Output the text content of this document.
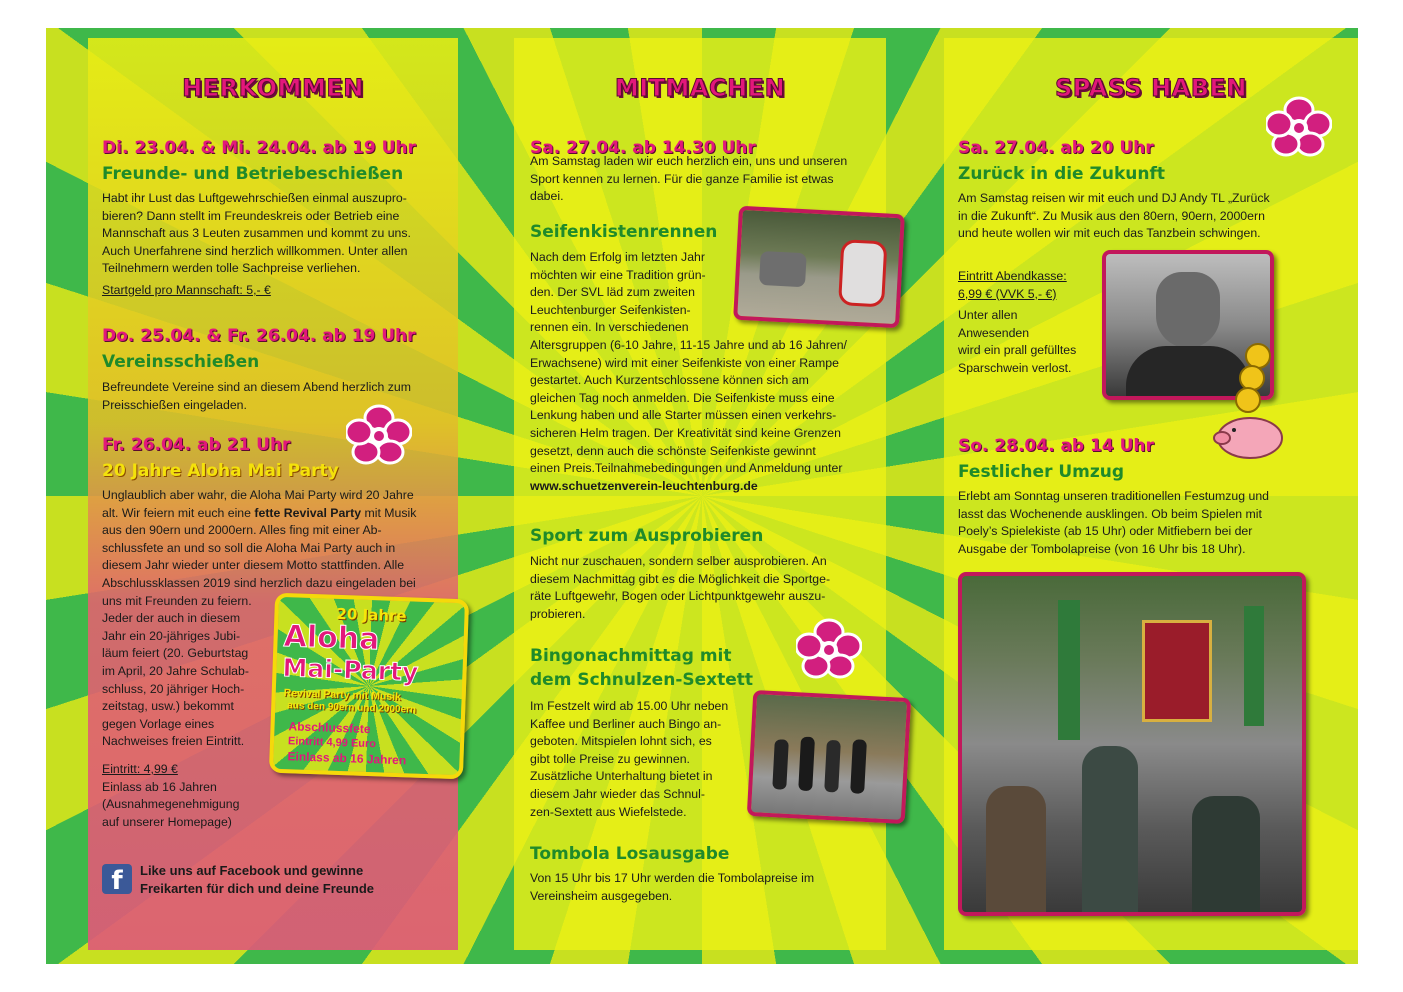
HERKOMMEN
Di. 23.04. & Mi. 24.04. ab 19 Uhr
Freunde- und Betriebeschießen
Habt ihr Lust das Luftgewehrschießen einmal auszupro-
bieren? Dann stellt im Freundeskreis oder Betrieb eine
Mannschaft aus 3 Leuten zusammen und kommt zu uns.
Auch Unerfahrene sind herzlich willkommen. Unter allen
Teilnehmern werden tolle Sachpreise verliehen.
Startgeld pro Mannschaft: 5,- €
Do. 25.04. & Fr. 26.04. ab 19 Uhr
Vereinsschießen
Befreundete Vereine sind an diesem Abend herzlich zum
Preisschießen eingeladen.
Fr. 26.04. ab 21 Uhr
20 Jahre Aloha Mai Party
Unglaublich aber wahr, die Aloha Mai Party wird 20 Jahre
alt. Wir feiern mit euch eine fette Revival Party mit Musik
aus den 90ern und 2000ern. Alles fing mit einer Ab-
schlussfete an und so soll die Aloha Mai Party auch in
diesem Jahr wieder unter diesem Motto stattfinden. Alle
Abschlussklassen 2019 sind herzlich dazu eingeladen bei
uns mit Freunden zu feiern.
Jeder der auch in diesem
Jahr ein 20-jähriges Jubi-
läum feiert (20. Geburtstag
im April, 20 Jahre Schulab-
schluss, 20 jähriger Hoch-
zeitstag, usw.) bekommt
gegen Vorlage eines
Nachweises freien Eintritt.
Eintritt: 4,99 €
Einlass ab 16 Jahren
(Ausnahmegenehmigung
auf unserer Homepage)
20 Jahre
Aloha
Mai-Party
Revival Party mit Musik
aus den 90ern und 2000ern
Abschlussfete
Eintritt 4,99 Euro
Einlass ab 16 Jahren
f	Like uns auf Facebook und gewinne
Freikarten für dich und deine Freunde
MITMACHEN
Sa. 27.04. ab 14.30 Uhr
Am Samstag laden wir euch herzlich ein, uns und unseren
Sport kennen zu lernen. Für die ganze Familie ist etwas
dabei.
Seifenkistenrennen
Nach dem Erfolg im letzten Jahr
möchten wir eine Tradition grün-
den. Der SVL läd zum zweiten
Leuchtenburger Seifenkisten-
rennen ein. In verschiedenen
Altersgruppen (6-10 Jahre, 11-15 Jahre und ab 16 Jahren/
Erwachsene) wird mit einer Seifenkiste von einer Rampe
gestartet. Auch Kurzentschlossene können sich am
gleichen Tag noch anmelden. Die Seifenkiste muss eine
Lenkung haben und alle Starter müssen einen verkehrs-
sicheren Helm tragen. Der Kreativität sind keine Grenzen
gesetzt, denn auch die schönste Seifenkiste gewinnt
einen Preis.Teilnahmebedingungen und Anmeldung unter
www.schuetzenverein-leuchtenburg.de
Sport zum Ausprobieren
Nicht nur zuschauen, sondern selber ausprobieren. An
diesem Nachmittag gibt es die Möglichkeit die Sportge-
räte Luftgewehr, Bogen oder Lichtpunktgewehr auszu-
probieren.
Bingonachmittag mit
dem Schnulzen-Sextett
Im Festzelt wird ab 15.00 Uhr neben
Kaffee und Berliner auch Bingo an-
geboten. Mitspielen lohnt sich, es
gibt tolle Preise zu gewinnen.
Zusätzliche Unterhaltung bietet in
diesem Jahr wieder das Schnul-
zen-Sextett aus Wiefelstede.
Tombola Losausgabe
Von 15 Uhr bis 17 Uhr werden die Tombolapreise im
Vereinsheim ausgegeben.
SPASS HABEN
Sa. 27.04. ab 20 Uhr
Zurück in die Zukunft
Am Samstag reisen wir mit euch und DJ Andy TL „Zurück
in die Zukunft“. Zu Musik aus den 80ern, 90ern, 2000ern
und heute wollen wir mit euch das Tanzbein schwingen.
Eintritt Abendkasse:
6,99 € (VVK 5,- €)
Unter allen
Anwesenden
wird ein prall gefülltes
Sparschwein verlost.
So. 28.04. ab 14 Uhr
Festlicher Umzug
Erlebt am Sonntag unseren traditionellen Festumzug und
lasst das Wochenende ausklingen. Ob beim Spielen mit
Poely’s Spielekiste (ab 15 Uhr) oder Mitfiebern bei der
Ausgabe der Tombolapreise (von 16 Uhr bis 18 Uhr).
